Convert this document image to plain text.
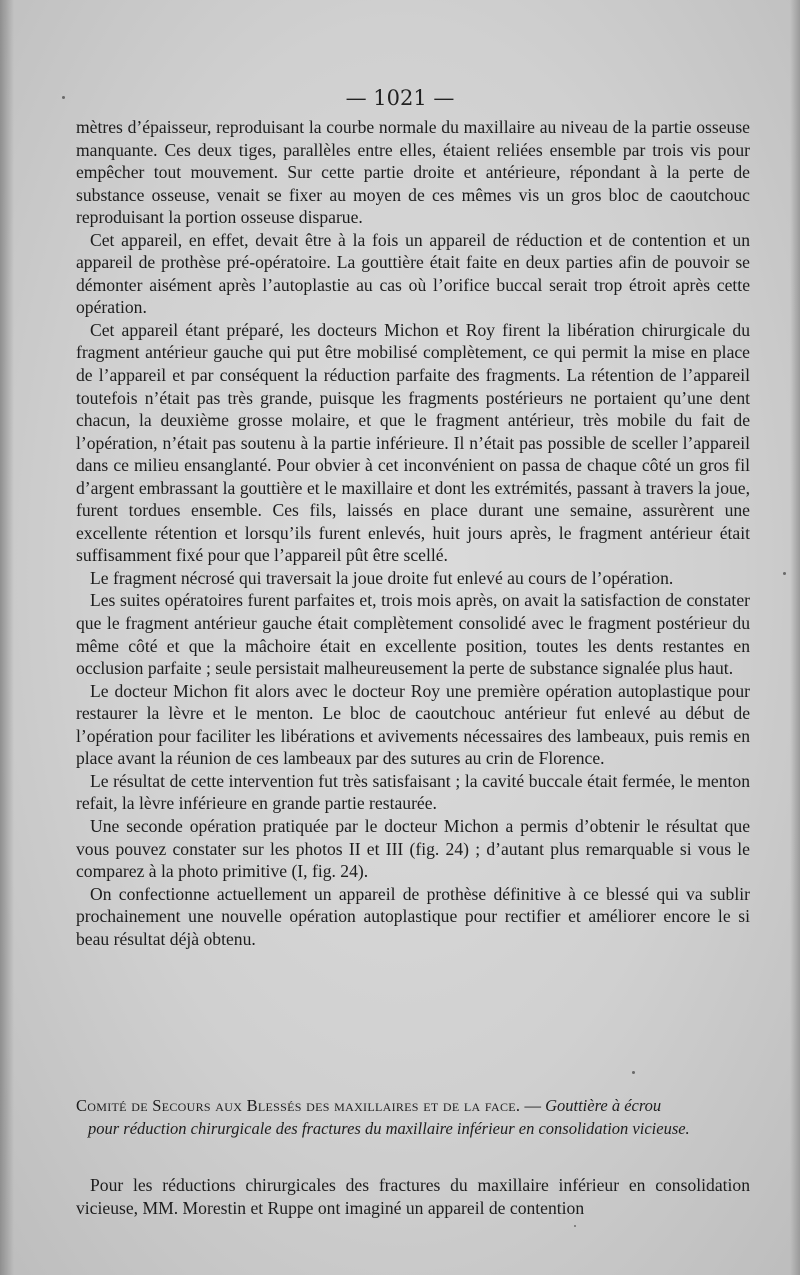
— 1021 —

mètres d’épaisseur, reproduisant la courbe normale du maxillaire au niveau de la partie osseuse manquante. Ces deux tiges, parallèles entre elles, étaient reliées ensemble par trois vis pour empêcher tout mouvement. Sur cette partie droite et antérieure, répondant à la perte de substance osseuse, venait se fixer au moyen de ces mêmes vis un gros bloc de caoutchouc reproduisant la portion osseuse disparue.

Cet appareil, en effet, devait être à la fois un appareil de réduction et de contention et un appareil de prothèse pré-opératoire. La gouttière était faite en deux parties afin de pouvoir se démonter aisément après l’autoplastie au cas où l’orifice buccal serait trop étroit après cette opération.

Cet appareil étant préparé, les docteurs Michon et Roy firent la libération chirurgicale du fragment antérieur gauche qui put être mobilisé complètement, ce qui permit la mise en place de l’appareil et par conséquent la réduction parfaite des fragments. La rétention de l’appareil toutefois n’était pas très grande, puisque les fragments postérieurs ne portaient qu’une dent chacun, la deuxième grosse molaire, et que le fragment antérieur, très mobile du fait de l’opération, n’était pas soutenu à la partie inférieure. Il n’était pas possible de sceller l’appareil dans ce milieu ensanglanté. Pour obvier à cet inconvénient on passa de chaque côté un gros fil d’argent embrassant la gouttière et le maxillaire et dont les extrémités, passant à travers la joue, furent tordues ensemble. Ces fils, laissés en place durant une semaine, assurèrent une excellente rétention et lorsqu’ils furent enlevés, huit jours après, le fragment antérieur était suffisamment fixé pour que l’appareil pût être scellé.

Le fragment nécrosé qui traversait la joue droite fut enlevé au cours de l’opération.

Les suites opératoires furent parfaites et, trois mois après, on avait la satisfaction de constater que le fragment antérieur gauche était complètement consolidé avec le fragment postérieur du même côté et que la mâchoire était en excellente position, toutes les dents restantes en occlusion parfaite ; seule persistait malheureusement la perte de substance signalée plus haut.

Le docteur Michon fit alors avec le docteur Roy une première opération autoplastique pour restaurer la lèvre et le menton. Le bloc de caoutchouc antérieur fut enlevé au début de l’opération pour faciliter les libérations et avivements nécessaires des lambeaux, puis remis en place avant la réunion de ces lambeaux par des sutures au crin de Florence.

Le résultat de cette intervention fut très satisfaisant ; la cavité buccale était fermée, le menton refait, la lèvre inférieure en grande partie restaurée.

Une seconde opération pratiquée par le docteur Michon a permis d’obtenir le résultat que vous pouvez constater sur les photos II et III (fig. 24) ; d’autant plus remarquable si vous le comparez à la photo primitive (I, fig. 24).

On confectionne actuellement un appareil de prothèse définitive à ce blessé qui va sublir prochainement une nouvelle opération autoplastique pour rectifier et améliorer encore le si beau résultat déjà obtenu.

Comité de Secours aux Blessés des maxillaires et de la face. — Gouttière à écrou
pour réduction chirurgicale des fractures du maxillaire inférieur en consolidation vicieuse.

Pour les réductions chirurgicales des fractures du maxillaire inférieur en consolidation vicieuse, MM. Morestin et Ruppe ont imaginé un appareil de contention
